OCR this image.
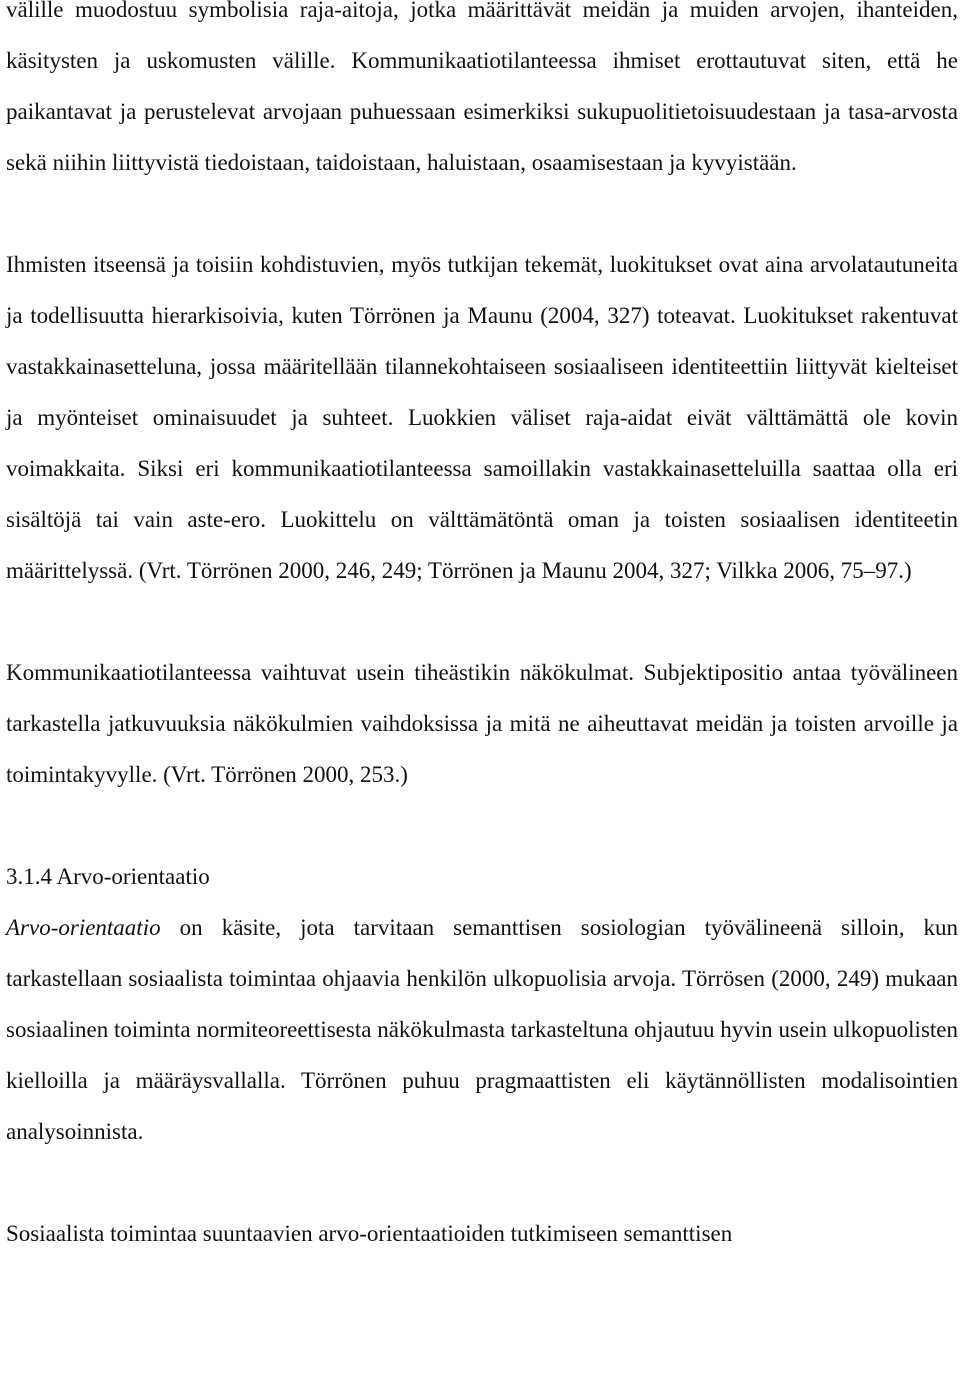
välille muodostuu symbolisia raja-aitoja, jotka määrittävät meidän ja muiden arvojen, ihanteiden, käsitysten ja uskomusten välille. Kommunikaatiotilanteessa ihmiset erottautuvat siten, että he paikantavat ja perustelevat arvojaan puhuessaan esimerkiksi sukupuolitietoisuudestaan ja tasa-arvosta sekä niihin liittyvistä tiedoistaan, taidoistaan, haluistaan, osaamisestaan ja kyvyistään.

Ihmisten itseensä ja toisiin kohdistuvien, myös tutkijan tekemät, luokitukset ovat aina arvolatautuneita ja todellisuutta hierarkisoivia, kuten Törrönen ja Maunu (2004, 327) toteavat. Luokitukset rakentuvat vastakkainasetteluna, jossa määritellään tilannekohtaiseen sosiaaliseen identiteettiin liittyvät kielteiset ja myönteiset ominaisuudet ja suhteet. Luokkien väliset raja-aidat eivät välttämättä ole kovin voimakkaita. Siksi eri kommunikaatiotilanteessa samoillakin vastakkainasetteluilla saattaa olla eri sisältöjä tai vain aste-ero. Luokittelu on välttämätöntä oman ja toisten sosiaalisen identiteetin määrittelyssä. (Vrt. Törrönen 2000, 246, 249; Törrönen ja Maunu 2004, 327; Vilkka 2006, 75–97.)

Kommunikaatiotilanteessa vaihtuvat usein tiheästikin näkökulmat. Subjektipositio antaa työvälineen tarkastella jatkuvuuksia näkökulmien vaihdoksissa ja mitä ne aiheuttavat meidän ja toisten arvoille ja toimintakyvylle. (Vrt. Törrönen 2000, 253.)

3.1.4 Arvo-orientaatio

Arvo-orientaatio on käsite, jota tarvitaan semanttisen sosiologian työvälineenä silloin, kun tarkastellaan sosiaalista toimintaa ohjaavia henkilön ulkopuolisia arvoja. Törrösen (2000, 249) mukaan sosiaalinen toiminta normiteoreettisesta näkökulmasta tarkasteltuna ohjautuu hyvin usein ulkopuolisten kielloilla ja määräysvallalla. Törrönen puhuu pragmaattisten eli käytännöllisten modalisointien analysoinnista.

Sosiaalista toimintaa suuntaavien arvo-orientaatioiden tutkimiseen semanttisen
